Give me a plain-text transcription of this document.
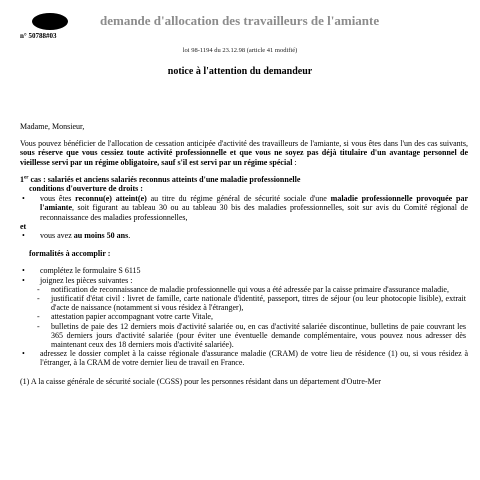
n° 50788#03
demande d'allocation des travailleurs de l'amiante
loi 98-1194 du 23.12.98 (article 41 modifié)
notice à l'attention du demandeur

Madame, Monsieur,

Vous pouvez bénéficier de l'allocation de cessation anticipée d'activité des travailleurs de l'amiante, si vous êtes dans l'un des cas suivants, sous réserve que vous cessiez toute activité professionnelle et que vous ne soyez pas déjà titulaire d'un avantage personnel de vieillesse servi par un régime obligatoire, sauf s'il est servi par un régime spécial :

1er cas : salariés et anciens salariés reconnus atteints d'une maladie professionnelle

conditions d'ouverture de droits :

• vous êtes reconnu(e) atteint(e) au titre du régime général de sécurité sociale d'une maladie professionnelle provoquée par l'amiante, soit figurant au tableau 30 ou au tableau 30 bis des maladies professionnelles, soit sur avis du Comité régional de reconnaissance des maladies professionnelles,

et

• vous avez au moins 50 ans.

formalités à accomplir :

• complétez le formulaire S 6115
• joignez les pièces suivantes :
- notification de reconnaissance de maladie professionnelle qui vous a été adressée par la caisse primaire d'assurance maladie,
- justificatif d'état civil : livret de famille, carte nationale d'identité, passeport, titres de séjour (ou leur photocopie lisible), extrait d'acte de naissance (notamment si vous résidez à l'étranger),
- attestation papier accompagnant votre carte Vitale,
- bulletins de paie des 12 derniers mois d'activité salariée ou, en cas d'activité salariée discontinue, bulletins de paie couvrant les 365 derniers jours d'activité salariée (pour éviter une éventuelle demande complémentaire, vous pouvez nous adresser dès maintenant ceux des 18 derniers mois d'activité salariée).
• adressez le dossier complet à la caisse régionale d'assurance maladie (CRAM) de votre lieu de résidence (1) ou, si vous résidez à l'étranger, à la CRAM de votre dernier lieu de travail en France.

(1) A la caisse générale de sécurité sociale (CGSS) pour les personnes résidant dans un département d'Outre-Mer
